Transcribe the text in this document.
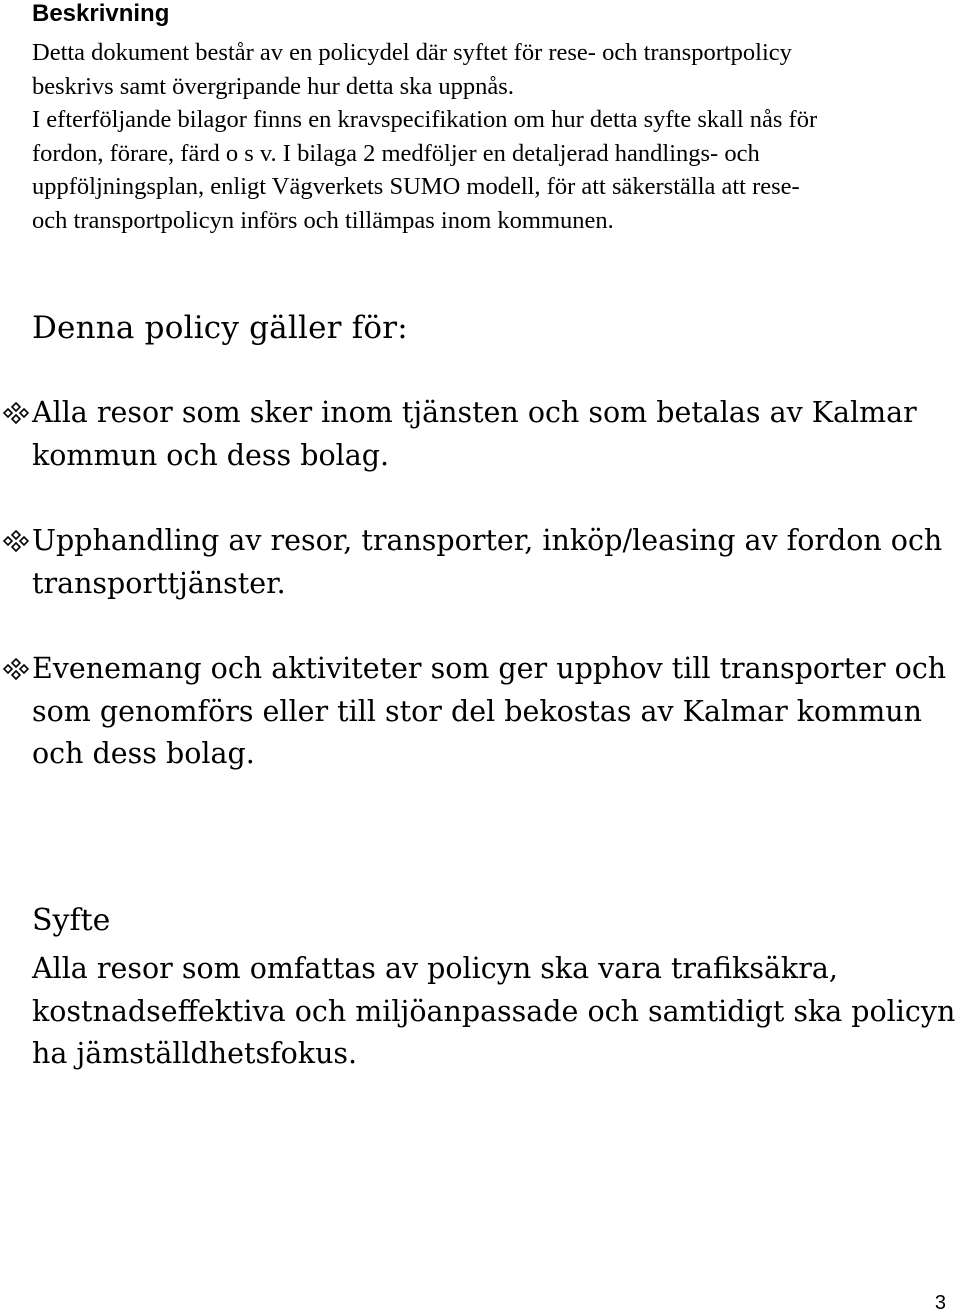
Beskrivning

Detta dokument består av en policydel där syftet för rese- och transportpolicy
beskrivs samt övergripande hur detta ska uppnås.
I efterföljande bilagor finns en kravspecifikation om hur detta syfte skall nås för
fordon, förare, färd o s v. I bilaga 2 medföljer en detaljerad handlings- och
uppföljningsplan, enligt Vägverkets SUMO modell, för att säkerställa att rese-
och transportpolicyn införs och tillämpas inom kommunen.

Denna policy gäller för:
Alla resor som sker inom tjänsten och som betalas av Kalmar
kommun och dess bolag.
Upphandling av resor, transporter, inköp/leasing av fordon och
transporttjänster.
Evenemang och aktiviteter som ger upphov till transporter och
som genomförs eller till stor del bekostas av Kalmar kommun
och dess bolag.
Syfte

Alla resor som omfattas av policyn ska vara trafiksäkra,
kostnadseffektiva och miljöanpassade och samtidigt ska policyn
ha jämställdhetsfokus.

3
